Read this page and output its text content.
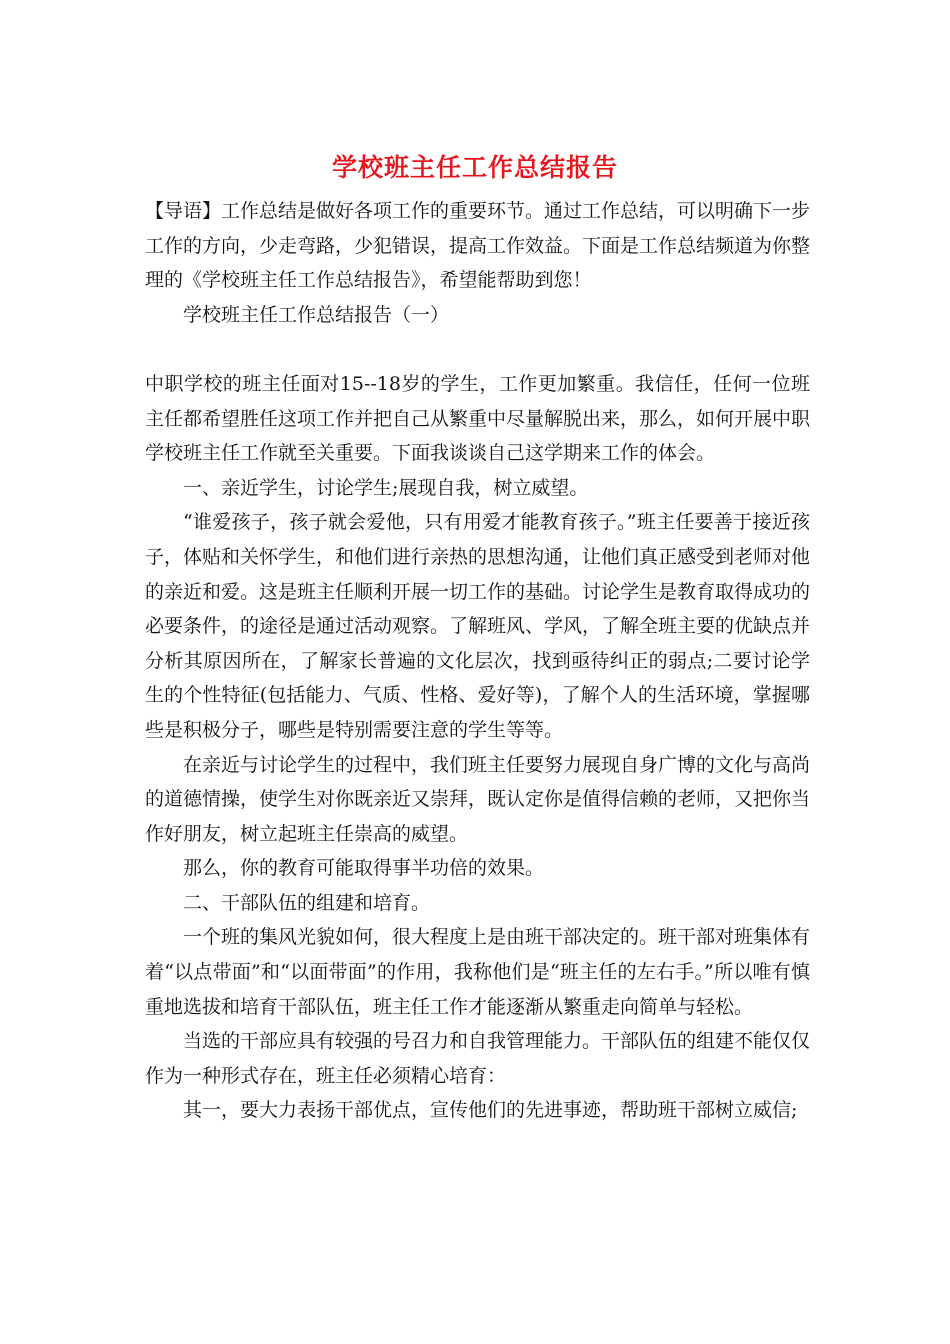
学校班主任工作总结报告

【导语】工作总结是做好各项工作的重要环节。通过工作总结，可以明确下一步工作的方向，少走弯路，少犯错误，提高工作效益。下面是工作总结频道为你整理的《学校班主任工作总结报告》，希望能帮助到您！

学校班主任工作总结报告（一）

中职学校的班主任面对15--18岁的学生，工作更加繁重。我信任，任何一位班主任都希望胜任这项工作并把自己从繁重中尽量解脱出来，那么，如何开展中职学校班主任工作就至关重要。下面我谈谈自己这学期来工作的体会。

一、亲近学生，讨论学生;展现自我，树立威望。

“谁爱孩子，孩子就会爱他，只有用爱才能教育孩子。”班主任要善于接近孩子，体贴和关怀学生，和他们进行亲热的思想沟通，让他们真正感受到老师对他的亲近和爱。这是班主任顺利开展一切工作的基础。讨论学生是教育取得成功的必要条件，的途径是通过活动观察。了解班风、学风，了解全班主要的优缺点并分析其原因所在，了解家长普遍的文化层次，找到亟待纠正的弱点;二要讨论学生的个性特征(包括能力、气质、性格、爱好等)，了解个人的生活环境，掌握哪些是积极分子，哪些是特别需要注意的学生等等。

在亲近与讨论学生的过程中，我们班主任要努力展现自身广博的文化与高尚的道德情操，使学生对你既亲近又崇拜，既认定你是值得信赖的老师，又把你当作好朋友，树立起班主任崇高的威望。

那么，你的教育可能取得事半功倍的效果。

二、干部队伍的组建和培育。

一个班的集风光貌如何，很大程度上是由班干部决定的。班干部对班集体有着“以点带面”和“以面带面”的作用，我称他们是“班主任的左右手。”所以唯有慎重地选拔和培育干部队伍，班主任工作才能逐渐从繁重走向简单与轻松。

当选的干部应具有较强的号召力和自我管理能力。干部队伍的组建不能仅仅作为一种形式存在，班主任必须精心培育：

其一，要大力表扬干部优点，宣传他们的先进事迹，帮助班干部树立威信;
